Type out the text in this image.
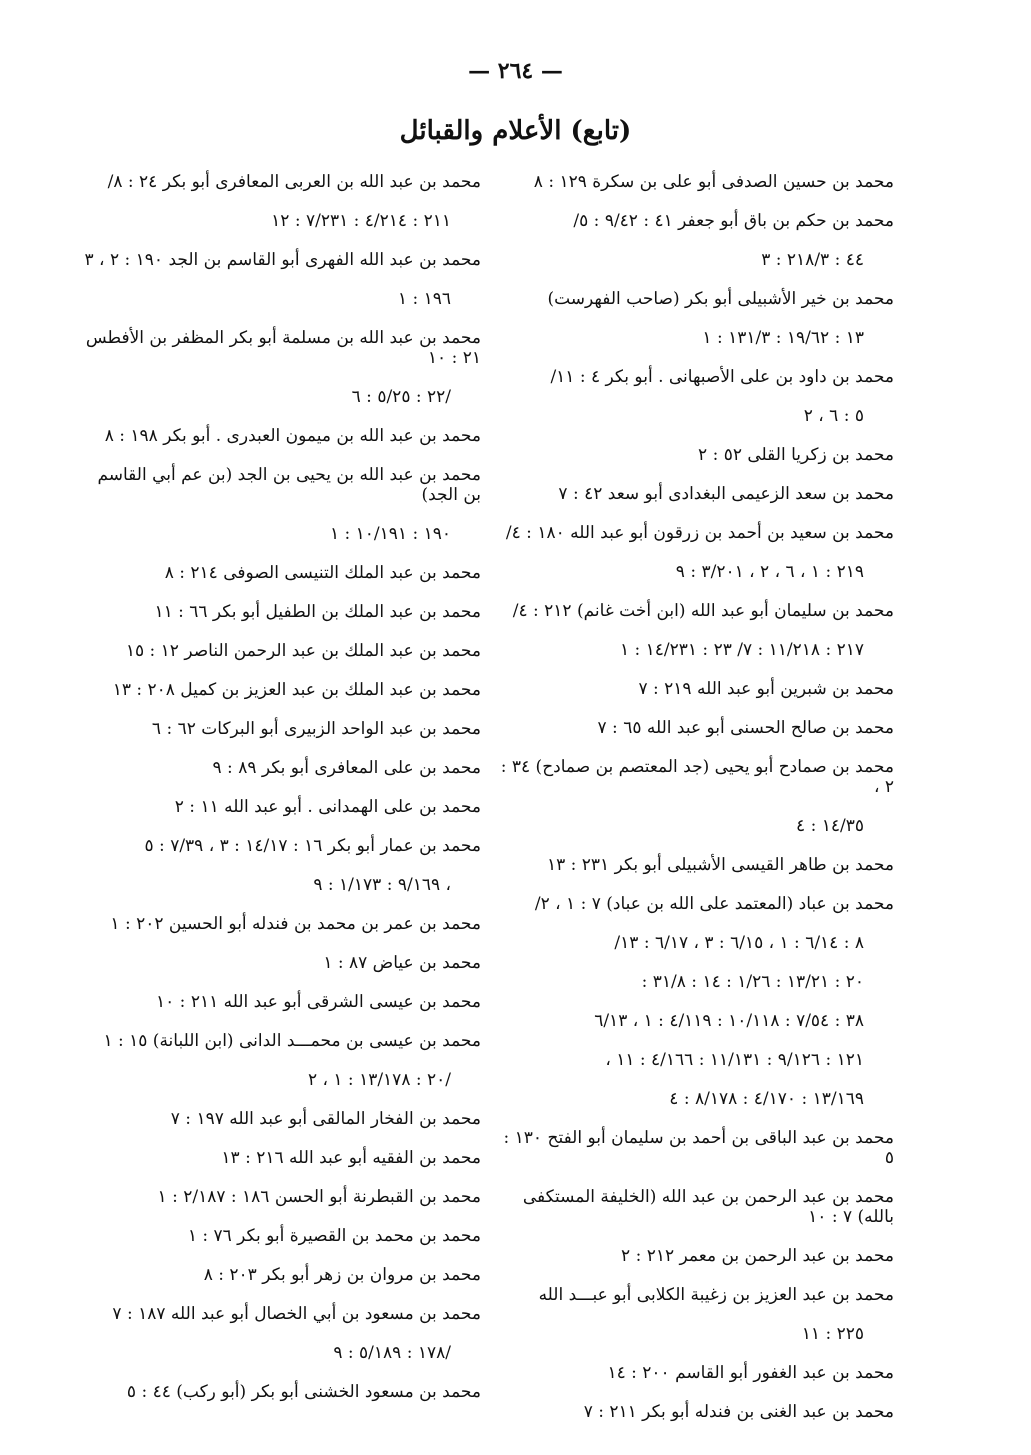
— ٢٦٤ —
(تابع) الأعلام والقبائل
محمد بن حسين الصدفى أبو على بن سكرة ١٢٩ : ٨
محمد بن حكم بن باق أبو جعفر ٤١ : ٩/٤٢ : ٥/
٤٤ : ٢١٨/٣ : ٣
محمد بن خير الأشبيلى أبو بكر (صاحب الفهرست)
١٣ : ١٩/٦٢ : ١٣١/٣ : ١
محمد بن داود بن على الأصبهانى . أبو بكر ٤ : ١١/
٥ : ٦ ، ٢
محمد بن زكريا القلى ٥٢ : ٢
محمد بن سعد الزعيمى البغدادى أبو سعد ٤٢ : ٧
محمد بن سعيد بن أحمد بن زرقون أبو عبد الله ١٨٠ : ٤/
٢١٩ : ١ ، ٦ ، ٢ ، ٣/٢٠١ : ٩
محمد بن سليمان أبو عبد الله (ابن أخت غانم) ٢١٢ : ٤/
٢١٧ : ١١/٢١٨ : ٧/ ٢٣ : ١٤/٢٣١ : ١
محمد بن شبرين أبو عبد الله ٢١٩ : ٧
محمد بن صالح الحسنى أبو عبد الله ٦٥ : ٧
محمد بن صمادح أبو يحيى (جد المعتصم بن صمادح) ٣٤ : ٢ ،
١٤/٣٥ : ٤
محمد بن طاهر القيسى الأشبيلى أبو بكر ٢٣١ : ١٣
محمد بن عباد (المعتمد على الله بن عباد) ٧ : ١ ، ٢/
٨ : ٦/١٤ : ١ ، ٦/١٥ : ٣ ، ٦/١٧ : ١٣/
٢٠ : ١٣/٢١ : ١/٢٦ : ١٤ : ٣١/٨ :
٣٨ : ٧/٥٤ : ١٠/١١٨ : ٤/١١٩ : ١ ، ٦/١٣
١٢١ : ٩/١٢٦ : ١١/١٣١ : ٤/١٦٦ : ١١ ،
١٣/١٦٩ : ٤/١٧٠ : ٨/١٧٨ : ٤
محمد بن عبد الباقى بن أحمد بن سليمان أبو الفتح ١٣٠ : ٥
محمد بن عبد الرحمن بن عبد الله (الخليفة المستكفى بالله) ٧ : ١٠
محمد بن عبد الرحمن بن معمر ٢١٢ : ٢
محمد بن عبد العزيز بن زغيبة الكلابى أبو عبـــد الله
٢٢٥ : ١١
محمد بن عبد الغفور أبو القاسم ٢٠٠ : ١٤
محمد بن عبد الغنى بن فندله أبو بكر ٢١١ : ٧
محمد بن عبد الله بن العربى المعافرى أبو بكر ٢٤ : ٨/
٢١١ : ٤/٢١٤ : ٧/٢٣١ : ١٢
محمد بن عبد الله الفهرى أبو القاسم بن الجد ١٩٠ : ٢ ، ٣
١٩٦ : ١
محمد بن عبد الله بن مسلمة أبو بكر المظفر بن الأفطس ٢١ : ١٠
/٢٢ : ٥/٢٥ : ٦
محمد بن عبد الله بن ميمون العبدرى . أبو بكر ١٩٨ : ٨
محمد بن عبد الله بن يحيى بن الجد (بن عم أبي القاسم بن الجد)
١٩٠ : ١٠/١٩١ : ١
محمد بن عبد الملك التنيسى الصوفى ٢١٤ : ٨
محمد بن عبد الملك بن الطفيل أبو بكر ٦٦ : ١١
محمد بن عبد الملك بن عبد الرحمن الناصر ١٢ : ١٥
محمد بن عبد الملك بن عبد العزيز بن كميل ٢٠٨ : ١٣
محمد بن عبد الواحد الزبيرى أبو البركات ٦٢ : ٦
محمد بن على المعافرى أبو بكر ٨٩ : ٩
محمد بن على الهمدانى . أبو عبد الله ١١ : ٢
محمد بن عمار أبو بكر ١٦ : ١٤/١٧ : ٣ ، ٧/٣٩ : ٥
، ٩/١٦٩ : ١/١٧٣ : ٩
محمد بن عمر بن محمد بن فندله أبو الحسين ٢٠٢ : ١
محمد بن عياض ٨٧ : ١
محمد بن عيسى الشرقى أبو عبد الله ٢١١ : ١٠
محمد بن عيسى بن محمـــد الدانى (ابن اللبانة) ١٥ : ١
/٢٠ : ١٣/١٧٨ : ١ ، ٢
محمد بن الفخار المالقى أبو عبد الله ١٩٧ : ٧
محمد بن الفقيه أبو عبد الله ٢١٦ : ١٣
محمد بن القبطرنة أبو الحسن ١٨٦ : ٢/١٨٧ : ١
محمد بن محمد بن القصيرة أبو بكر ٧٦ : ١
محمد بن مروان بن زهر أبو بكر ٢٠٣ : ٨
محمد بن مسعود بن أبي الخصال أبو عبد الله ١٨٧ : ٧
/١٧٨ : ٥/١٨٩ : ٩
محمد بن مسعود الخشنى أبو بكر (أبو ركب) ٤٤ : ٥
